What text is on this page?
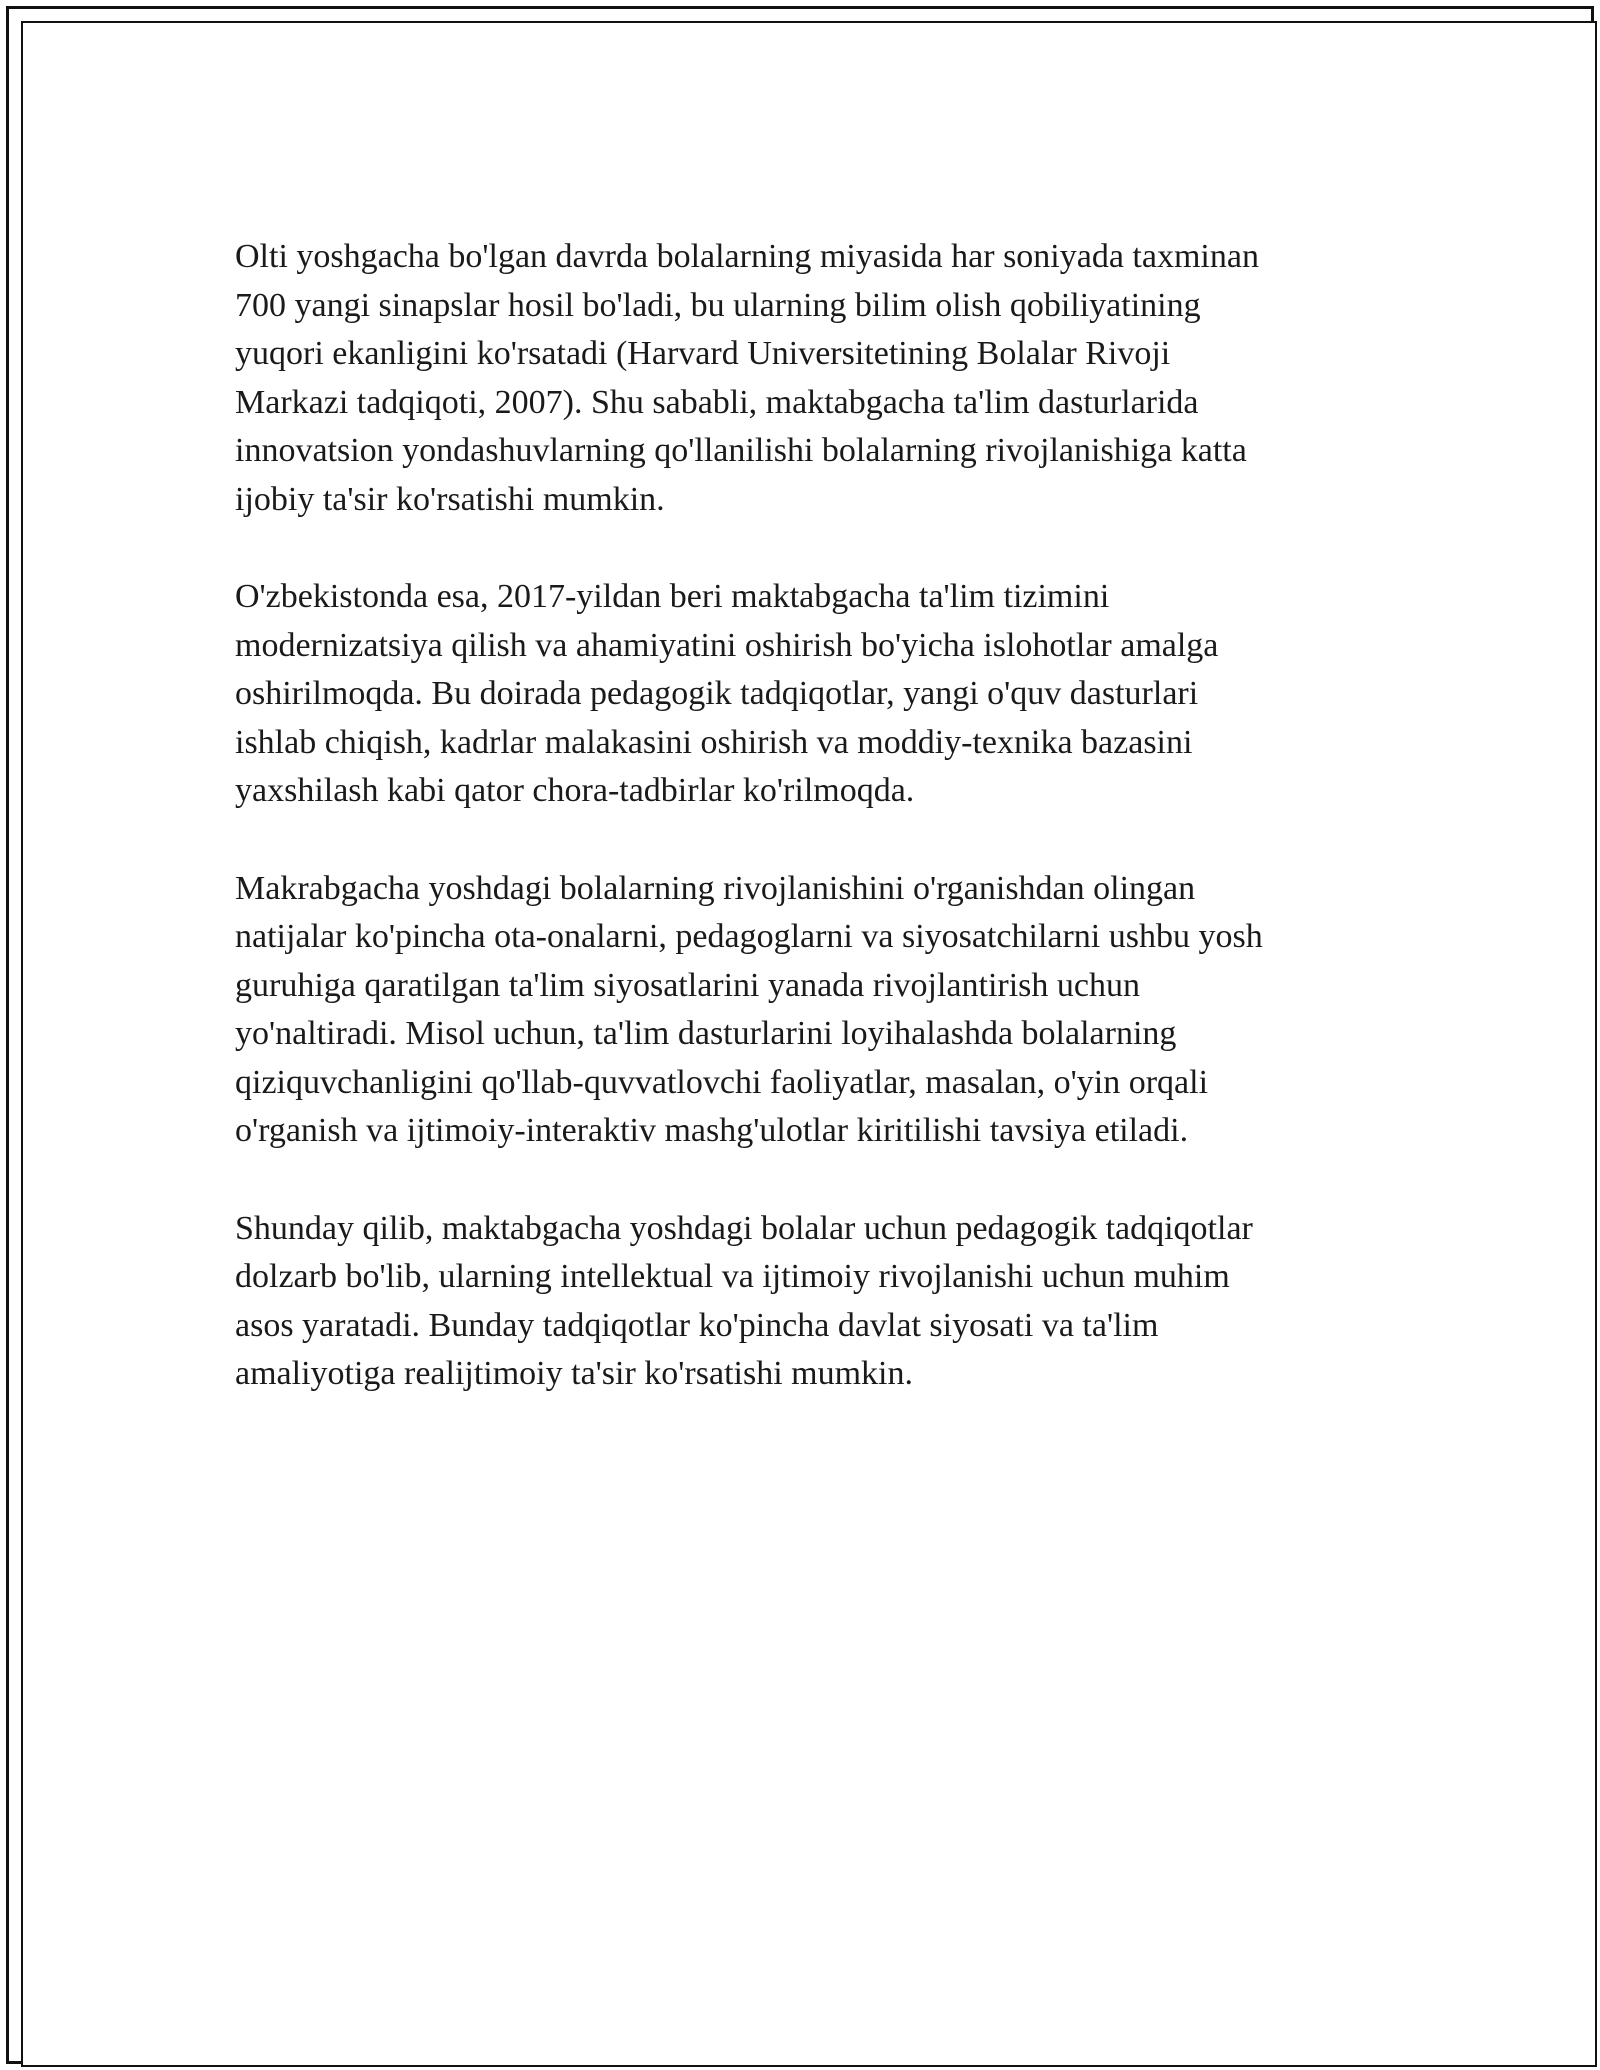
Olti yoshgacha bo'lgan davrda bolalarning miyasida har soniyada taxminan
700 yangi sinapslar hosil bo'ladi, bu ularning bilim olish qobiliyatining
yuqori ekanligini ko'rsatadi (Harvard Universitetining Bolalar Rivoji
Markazi tadqiqoti, 2007). Shu sababli, maktabgacha ta'lim dasturlarida
innovatsion yondashuvlarning qo'llanilishi bolalarning rivojlanishiga katta
ijobiy ta'sir ko'rsatishi mumkin.

O'zbekistonda esa, 2017-yildan beri maktabgacha ta'lim tizimini
modernizatsiya qilish va ahamiyatini oshirish bo'yicha islohotlar amalga
oshirilmoqda. Bu doirada pedagogik tadqiqotlar, yangi o'quv dasturlari
ishlab chiqish, kadrlar malakasini oshirish va moddiy-texnika bazasini
yaxshilash kabi qator chora-tadbirlar ko'rilmoqda.

Makrabgacha yoshdagi bolalarning rivojlanishini o'rganishdan olingan
natijalar ko'pincha ota-onalarni, pedagoglarni va siyosatchilarni ushbu yosh
guruhiga qaratilgan ta'lim siyosatlarini yanada rivojlantirish uchun
yo'naltiradi. Misol uchun, ta'lim dasturlarini loyihalashda bolalarning
qiziquvchanligini qo'llab-quvvatlovchi faoliyatlar, masalan, o'yin orqali
o'rganish va ijtimoiy-interaktiv mashg'ulotlar kiritilishi tavsiya etiladi.

Shunday qilib, maktabgacha yoshdagi bolalar uchun pedagogik tadqiqotlar
dolzarb bo'lib, ularning intellektual va ijtimoiy rivojlanishi uchun muhim
asos yaratadi. Bunday tadqiqotlar ko'pincha davlat siyosati va ta'lim
amaliyotiga realijtimoiy ta'sir ko'rsatishi mumkin.
